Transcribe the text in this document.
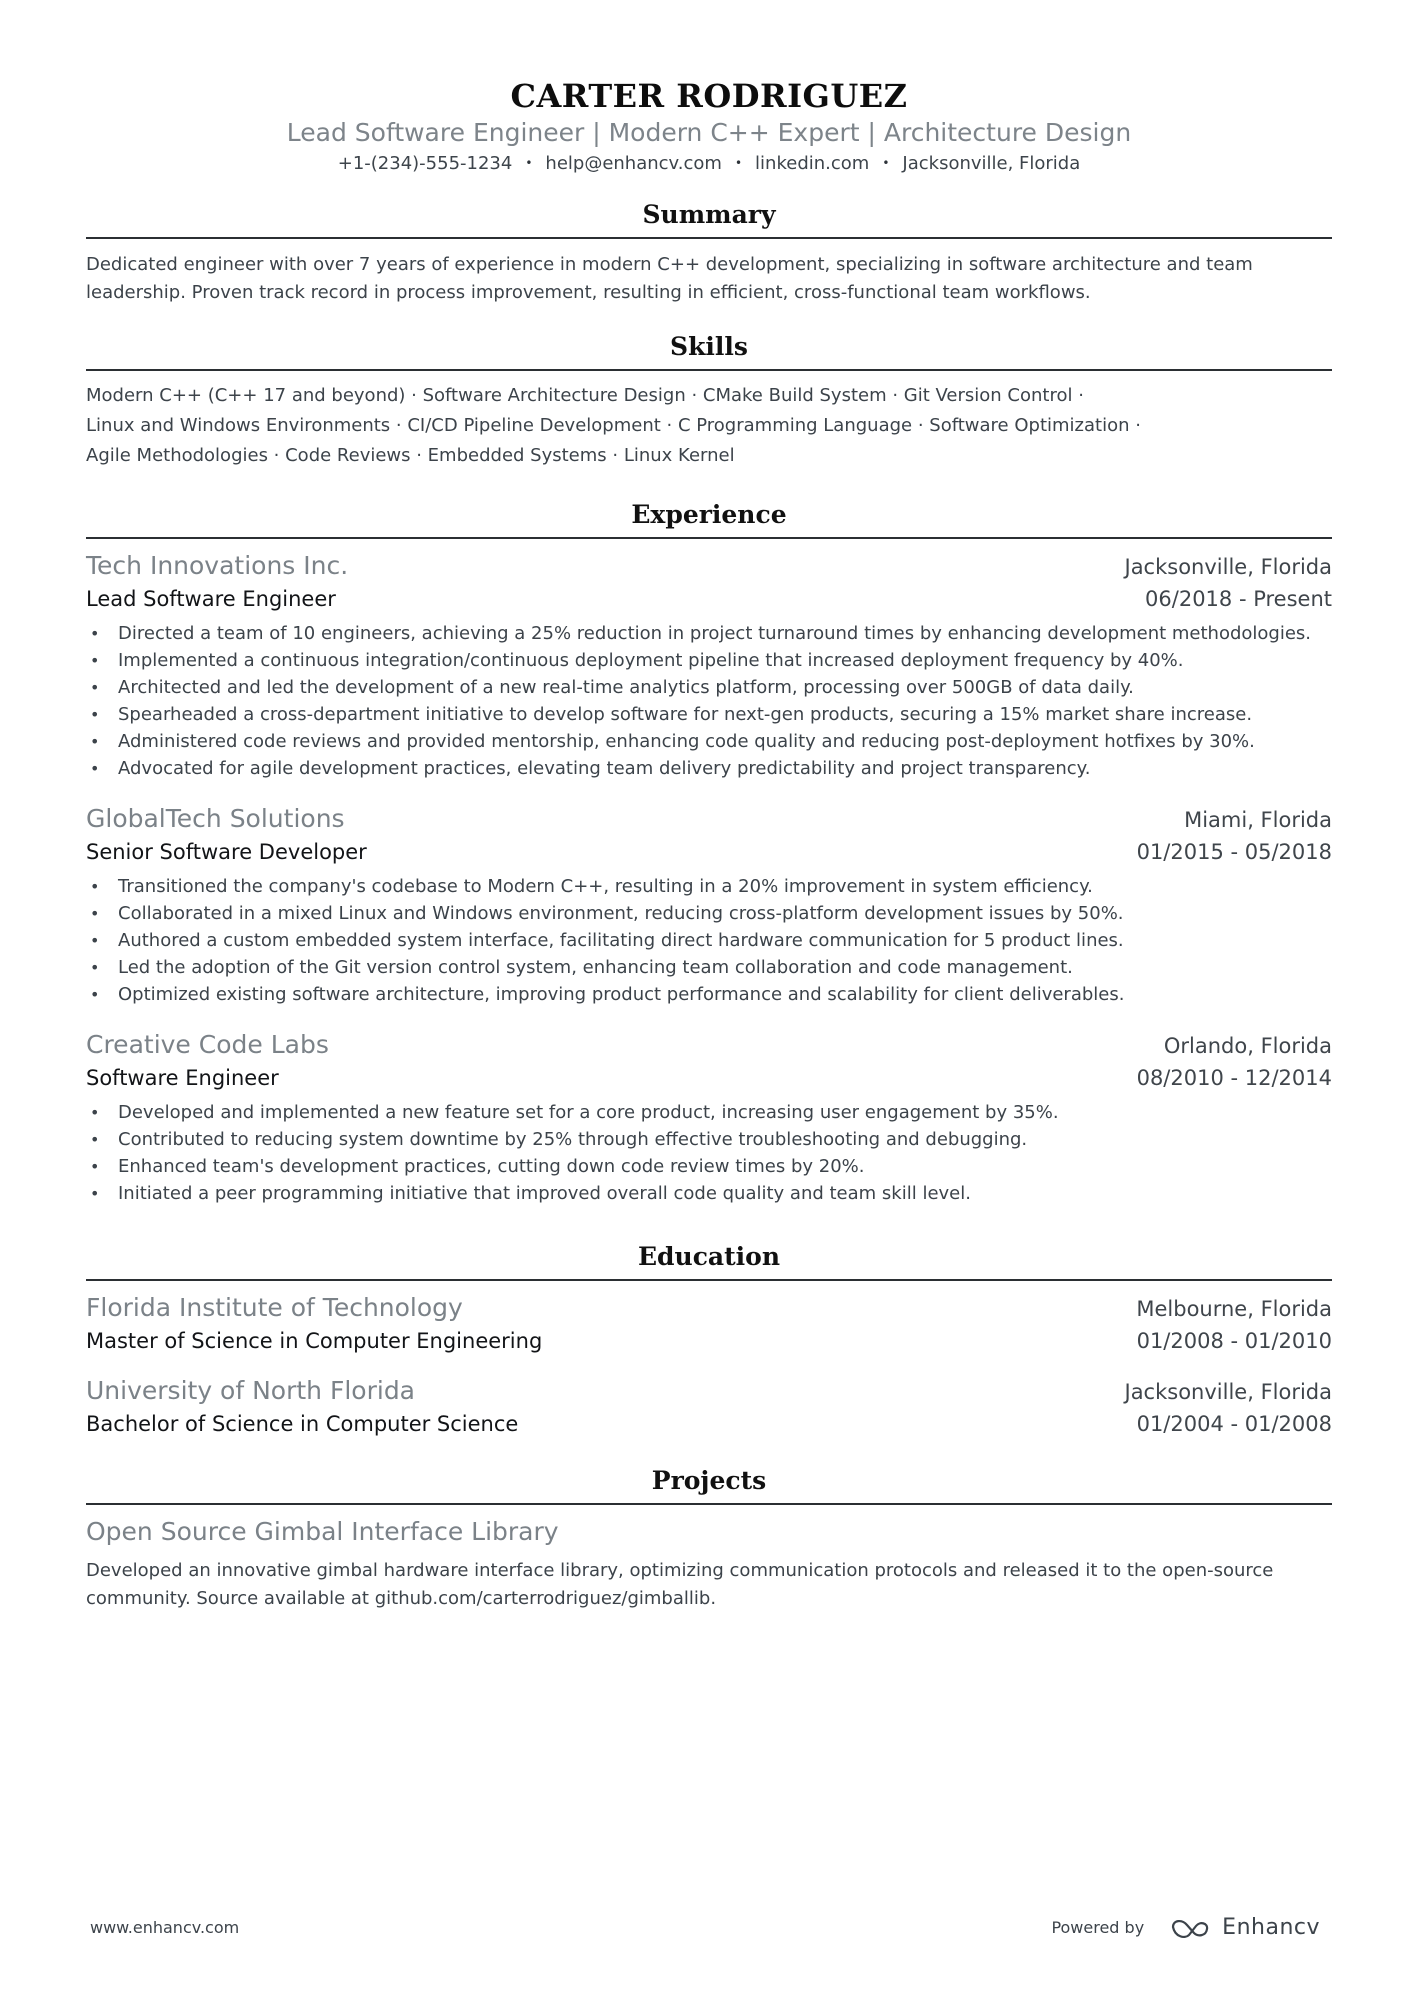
CARTER RODRIGUEZ
Lead Software Engineer | Modern C++ Expert | Architecture Design
+1-(234)-555-1234 • help@enhancv.com • linkedin.com • Jacksonville, Florida
Summary
Dedicated engineer with over 7 years of experience in modern C++ development, specializing in software architecture and team leadership. Proven track record in process improvement, resulting in efficient, cross-functional team workflows.
Skills
Modern C++ (C++ 17 and beyond) · Software Architecture Design · CMake Build System · Git Version Control ·
Linux and Windows Environments · CI/CD Pipeline Development · C Programming Language · Software Optimization ·
Agile Methodologies · Code Reviews · Embedded Systems · Linux Kernel
Experience
Tech Innovations Inc.	Jacksonville, Florida
Lead Software Engineer	06/2018 - Present
• Directed a team of 10 engineers, achieving a 25% reduction in project turnaround times by enhancing development methodologies.
• Implemented a continuous integration/continuous deployment pipeline that increased deployment frequency by 40%.
• Architected and led the development of a new real-time analytics platform, processing over 500GB of data daily.
• Spearheaded a cross-department initiative to develop software for next-gen products, securing a 15% market share increase.
• Administered code reviews and provided mentorship, enhancing code quality and reducing post-deployment hotfixes by 30%.
• Advocated for agile development practices, elevating team delivery predictability and project transparency.
GlobalTech Solutions	Miami, Florida
Senior Software Developer	01/2015 - 05/2018
• Transitioned the company's codebase to Modern C++, resulting in a 20% improvement in system efficiency.
• Collaborated in a mixed Linux and Windows environment, reducing cross-platform development issues by 50%.
• Authored a custom embedded system interface, facilitating direct hardware communication for 5 product lines.
• Led the adoption of the Git version control system, enhancing team collaboration and code management.
• Optimized existing software architecture, improving product performance and scalability for client deliverables.
Creative Code Labs	Orlando, Florida
Software Engineer	08/2010 - 12/2014
• Developed and implemented a new feature set for a core product, increasing user engagement by 35%.
• Contributed to reducing system downtime by 25% through effective troubleshooting and debugging.
• Enhanced team's development practices, cutting down code review times by 20%.
• Initiated a peer programming initiative that improved overall code quality and team skill level.
Education
Florida Institute of Technology	Melbourne, Florida
Master of Science in Computer Engineering	01/2008 - 01/2010
University of North Florida	Jacksonville, Florida
Bachelor of Science in Computer Science	01/2004 - 01/2008
Projects
Open Source Gimbal Interface Library
Developed an innovative gimbal hardware interface library, optimizing communication protocols and released it to the open-source community. Source available at github.com/carterrodriguez/gimballib.
www.enhancv.com	Powered by	Enhancv
